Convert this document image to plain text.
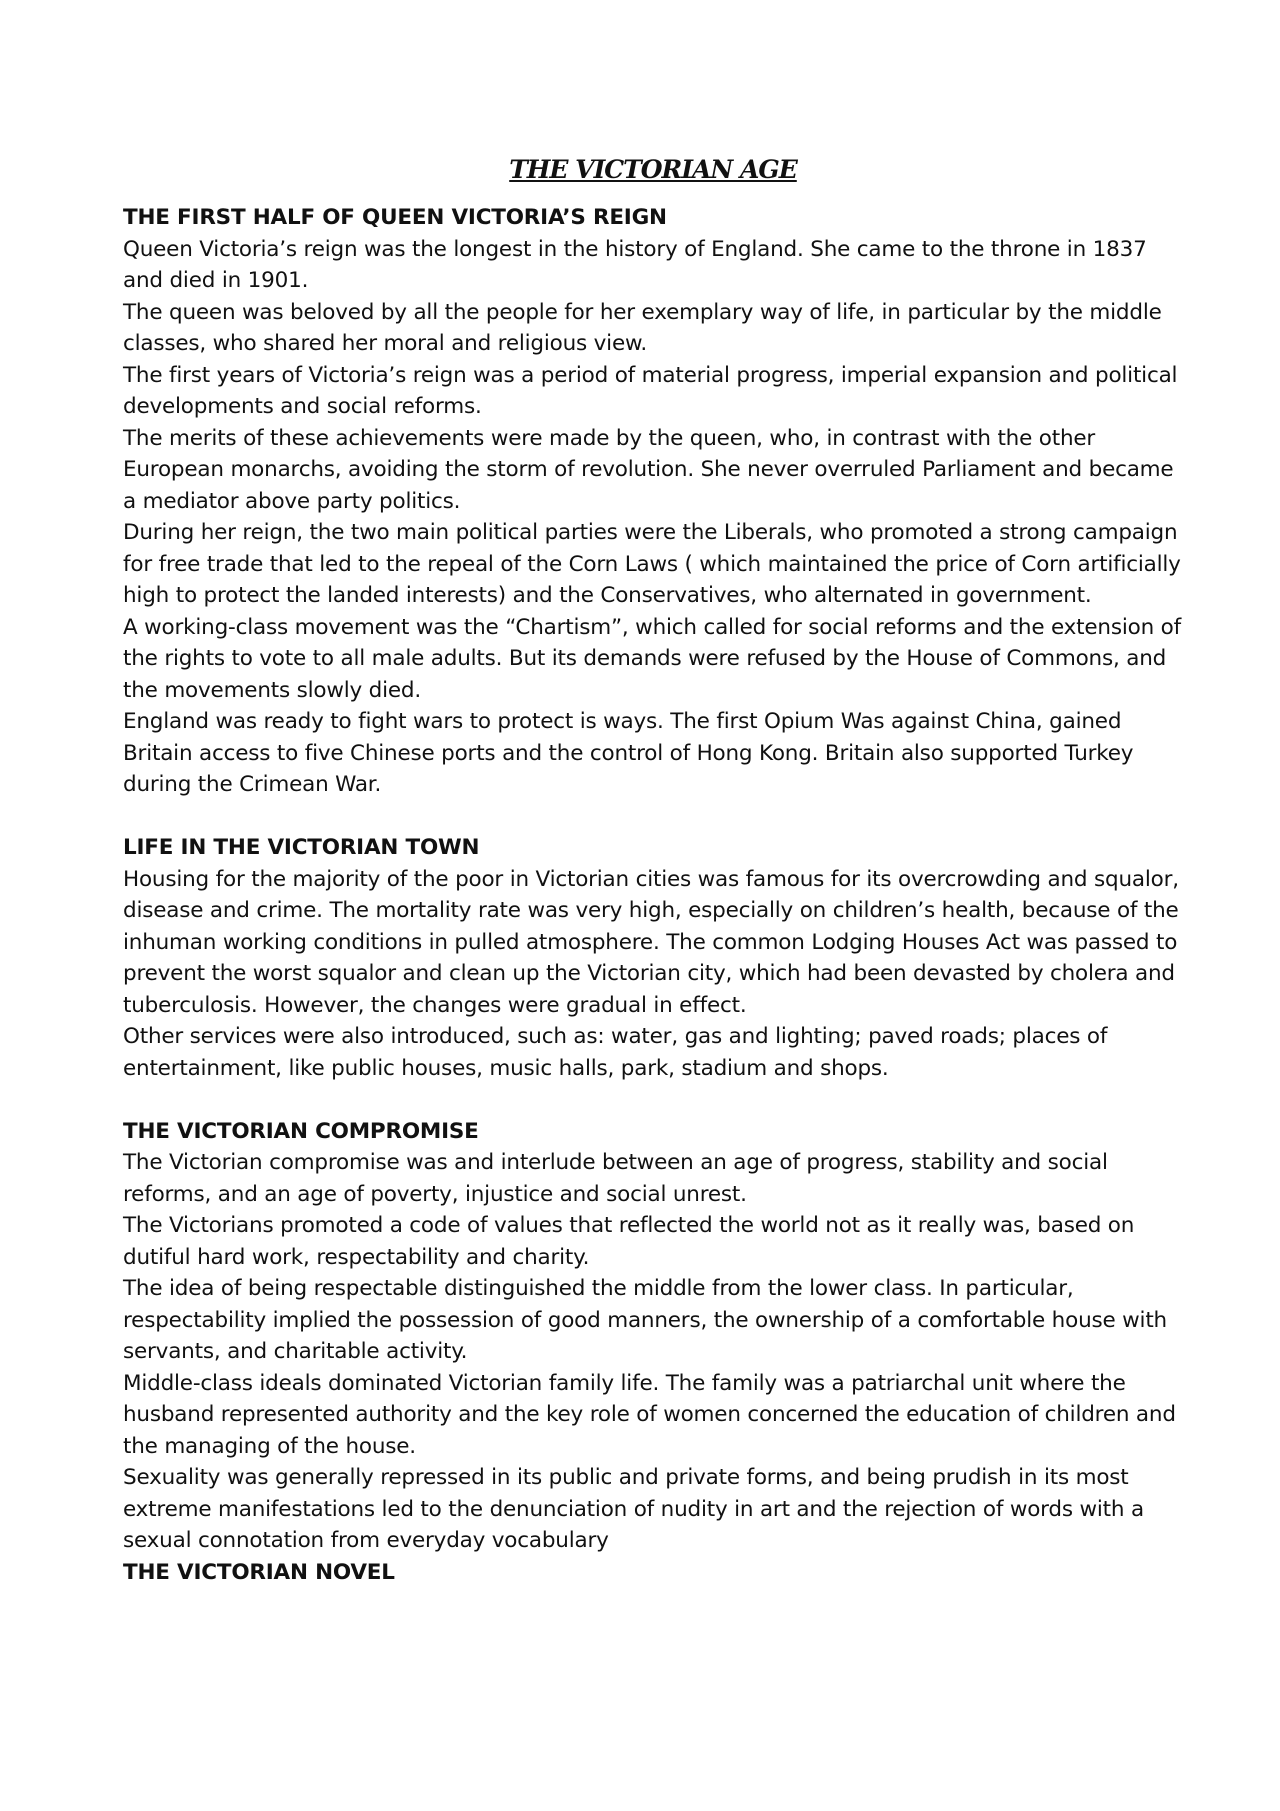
THE VICTORIAN AGE

THE FIRST HALF OF QUEEN VICTORIA’S REIGN

Queen Victoria’s reign was the longest in the history of England. She came to the throne in 1837 and died in 1901.

The queen was beloved by all the people for her exemplary way of life, in particular by the middle classes, who shared her moral and religious view.

The first years of Victoria’s reign was a period of material progress, imperial expansion and political developments and social reforms.

The merits of these achievements were made by the queen, who, in contrast with the other European monarchs, avoiding the storm of revolution. She never overruled Parliament and became a mediator above party politics.

During her reign, the two main political parties were the Liberals, who promoted a strong campaign for free trade that led to the repeal of the Corn Laws ( which maintained the price of Corn artificially high to protect the landed interests) and the Conservatives, who alternated in government.

A working-class movement was the “Chartism”, which called for social reforms and the extension of the rights to vote to all male adults. But its demands were refused by the House of Commons, and the movements slowly died.

England was ready to fight wars to protect is ways. The first Opium Was against China, gained Britain access to five Chinese ports and the control of Hong Kong. Britain also supported Turkey during the Crimean War.

LIFE IN THE VICTORIAN TOWN

Housing for the majority of the poor in Victorian cities was famous for its overcrowding and squalor, disease and crime. The mortality rate was very high, especially on children’s health, because of the inhuman working conditions in pulled atmosphere. The common Lodging Houses Act was passed to prevent the worst squalor and clean up the Victorian city, which had been devasted by cholera and tuberculosis. However, the changes were gradual in effect.

Other services were also introduced, such as: water, gas and lighting; paved roads; places of entertainment, like public houses, music halls, park, stadium and shops.

THE VICTORIAN COMPROMISE

The Victorian compromise was and interlude between an age of progress, stability and social reforms, and an age of poverty, injustice and social unrest.

The Victorians promoted a code of values that reflected the world not as it really was, based on dutiful hard work, respectability and charity.

The idea of being respectable distinguished the middle from the lower class. In particular, respectability implied the possession of good manners, the ownership of a comfortable house with servants, and charitable activity.

Middle-class ideals dominated Victorian family life. The family was a patriarchal unit where the husband represented authority and the key role of women concerned the education of children and the managing of the house.

Sexuality was generally repressed in its public and private forms, and being prudish in its most extreme manifestations led to the denunciation of nudity in art and the rejection of words with a sexual connotation from everyday vocabulary

THE VICTORIAN NOVEL
